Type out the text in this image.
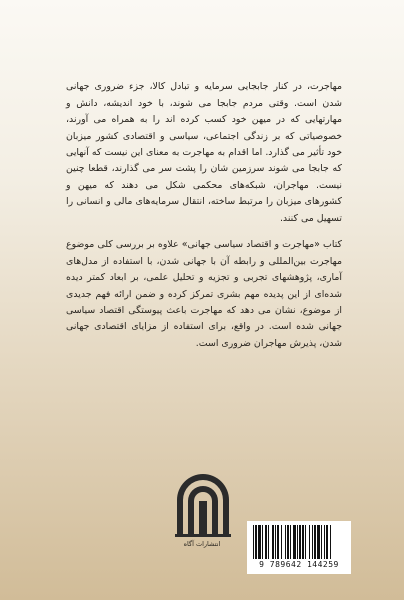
مهاجرت، در کنار جابجایی سرمایه و تبادل کالا، جزء ضروری جهانی شدن است. وقتی مردم جابجا می شوند، با خود اندیشه، دانش و مهارتهایی که در میهن خود کسب کرده اند را به همراه می آورند، خصوصیاتی که بر زندگی اجتماعی، سیاسی و اقتصادی کشور میزبان خود تأثیر می گذارد. اما اقدام به مهاجرت به معنای این نیست که آنهایی که جابجا می شوند سرزمین شان را پشت سر می گذارند، قطعا چنین نیست. مهاجران، شبکه‌های محکمی شکل می دهند که میهن و کشورهای میزبان را مرتبط ساخته، انتقال سرمایه‌های مالی و انسانی را تسهیل می کنند.

کتاب «مهاجرت و اقتصاد سیاسی جهانی» علاوه بر بررسی کلی موضوع مهاجرت بین‌المللی و رابطه آن با جهانی شدن، با استفاده از مدل‌های آماری، پژوهشهای تجربی و تجزیه و تحلیل علمی، بر ابعاد کمتر دیده شده‌ای از این پدیده مهم بشری تمرکز کرده و ضمن ارائه فهم جدیدی از موضوع، نشان می دهد که مهاجرت باعث پیوستگی اقتصاد سیاسی جهانی شده است. در واقع، برای استفاده از مزایای اقتصادی جهانی شدن، پذیرش مهاجران ضروری است.

انتشارات آگاه
9 789642 144259
